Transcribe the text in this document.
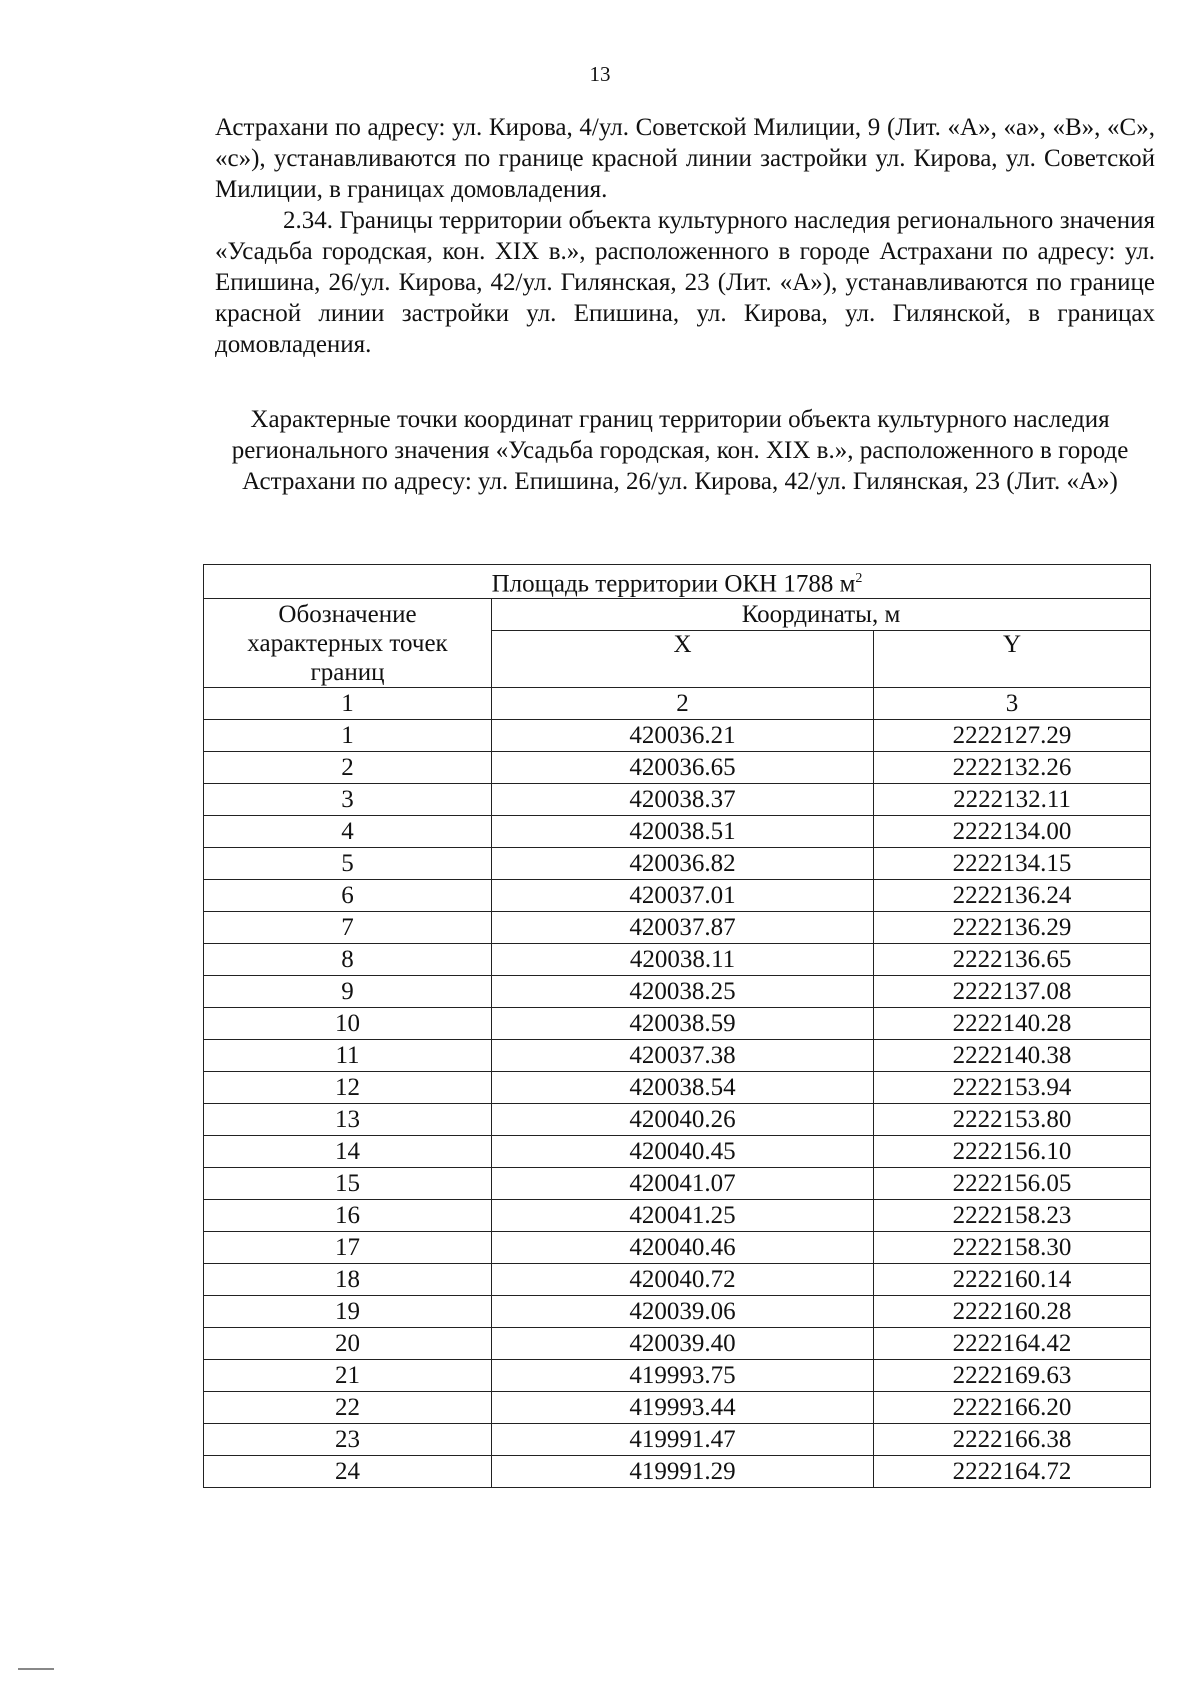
13

Астрахани по адресу: ул. Кирова, 4/ул. Советской Милиции, 9 (Лит. «А», «а», «В», «С», «с»), устанавливаются по границе красной линии застройки ул. Кирова, ул. Советской Милиции, в границах домовладения.

2.34. Границы территории объекта культурного наследия регионального значения «Усадьба городская, кон. XIX в.», расположенного в городе Астрахани по адресу: ул. Епишина, 26/ул. Кирова, 42/ул. Гилянская, 23 (Лит. «А»), устанавливаются по границе красной линии застройки ул. Епишина, ул. Кирова, ул. Гилянской, в границах домовладения.

Характерные точки координат границ территории объекта культурного наследия регионального значения «Усадьба городская, кон. XIX в.», расположенного в городе Астрахани по адресу: ул. Епишина, 26/ул. Кирова, 42/ул. Гилянская, 23 (Лит. «А»)
Площадь территории ОКН 1788 $м^2$
Обозначение характерных точек границ	Координаты, м	
	X	Y
1	2	3
1	420036.21	2222127.29
2	420036.65	2222132.26
3	420038.37	2222132.11
4	420038.51	2222134.00
5	420036.82	2222134.15
6	420037.01	2222136.24
7	420037.87	2222136.29
8	420038.11	2222136.65
9	420038.25	2222137.08
10	420038.59	2222140.28
11	420037.38	2222140.38
12	420038.54	2222153.94
13	420040.26	2222153.80
14	420040.45	2222156.10
15	420041.07	2222156.05
16	420041.25	2222158.23
17	420040.46	2222158.30
18	420040.72	2222160.14
19	420039.06	2222160.28
20	420039.40	2222164.42
21	419993.75	2222169.63
22	419993.44	2222166.20
23	419991.47	2222166.38
24	419991.29	2222164.72
